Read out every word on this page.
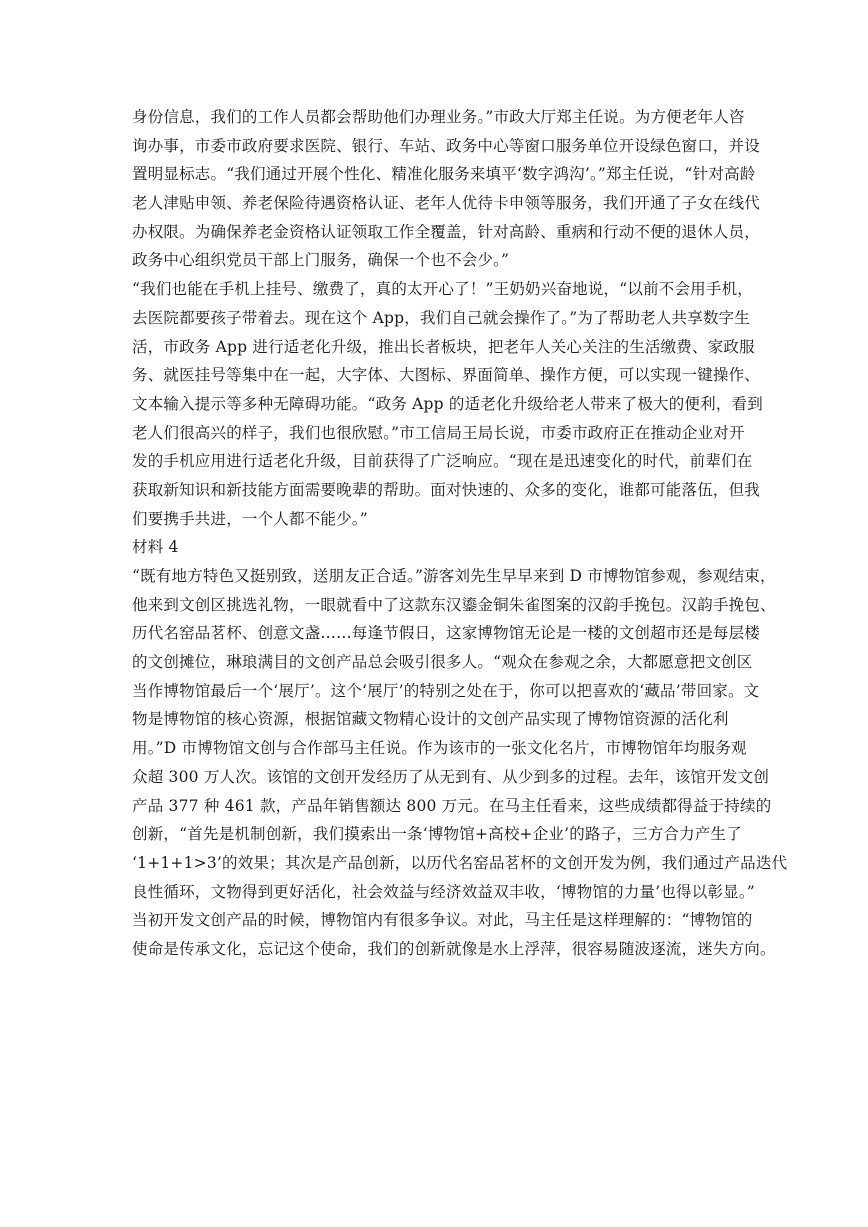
身份信息，我们的工作人员都会帮助他们办理业务。”市政大厅郑主任说。为方便老年人咨
询办事，市委市政府要求医院、银行、车站、政务中心等窗口服务单位开设绿色窗口，并设
置明显标志。“我们通过开展个性化、精准化服务来填平‘数字鸿沟’。”郑主任说，“针对高龄
老人津贴申领、养老保险待遇资格认证、老年人优待卡申领等服务，我们开通了子女在线代
办权限。为确保养老金资格认证领取工作全覆盖，针对高龄、重病和行动不便的退休人员，
政务中心组织党员干部上门服务，确保一个也不会少。”
“我们也能在手机上挂号、缴费了，真的太开心了！”王奶奶兴奋地说，“以前不会用手机，
去医院都要孩子带着去。现在这个 App，我们自己就会操作了。”为了帮助老人共享数字生
活，市政务 App 进行适老化升级，推出长者板块，把老年人关心关注的生活缴费、家政服
务、就医挂号等集中在一起，大字体、大图标、界面简单、操作方便，可以实现一键操作、
文本输入提示等多种无障碍功能。“政务 App 的适老化升级给老人带来了极大的便利，看到
老人们很高兴的样子，我们也很欣慰。”市工信局王局长说，市委市政府正在推动企业对开
发的手机应用进行适老化升级，目前获得了广泛响应。“现在是迅速变化的时代，前辈们在
获取新知识和新技能方面需要晚辈的帮助。面对快速的、众多的变化，谁都可能落伍，但我
们要携手共进，一个人都不能少。”
材料 4
“既有地方特色又挺别致，送朋友正合适。”游客刘先生早早来到 D 市博物馆参观，参观结束，
他来到文创区挑选礼物，一眼就看中了这款东汉鎏金铜朱雀图案的汉韵手挽包。汉韵手挽包、
历代名窑品茗杯、创意文盏……每逢节假日，这家博物馆无论是一楼的文创超市还是每层楼
的文创摊位，琳琅满目的文创产品总会吸引很多人。“观众在参观之余，大都愿意把文创区
当作博物馆最后一个‘展厅’。这个‘展厅’的特别之处在于，你可以把喜欢的‘藏品’带回家。文
物是博物馆的核心资源，根据馆藏文物精心设计的文创产品实现了博物馆资源的活化利
用。”D 市博物馆文创与合作部马主任说。作为该市的一张文化名片，市博物馆年均服务观
众超 300 万人次。该馆的文创开发经历了从无到有、从少到多的过程。去年，该馆开发文创
产品 377 种 461 款，产品年销售额达 800 万元。在马主任看来，这些成绩都得益于持续的
创新，“首先是机制创新，我们摸索出一条‘博物馆+高校+企业’的路子，三方合力产生了
‘1+1+1>3’的效果；其次是产品创新，以历代名窑品茗杯的文创开发为例，我们通过产品迭代
良性循环，文物得到更好活化，社会效益与经济效益双丰收，‘博物馆的力量’也得以彰显。”
当初开发文创产品的时候，博物馆内有很多争议。对此，马主任是这样理解的：“博物馆的
使命是传承文化，忘记这个使命，我们的创新就像是水上浮萍，很容易随波逐流，迷失方向。
